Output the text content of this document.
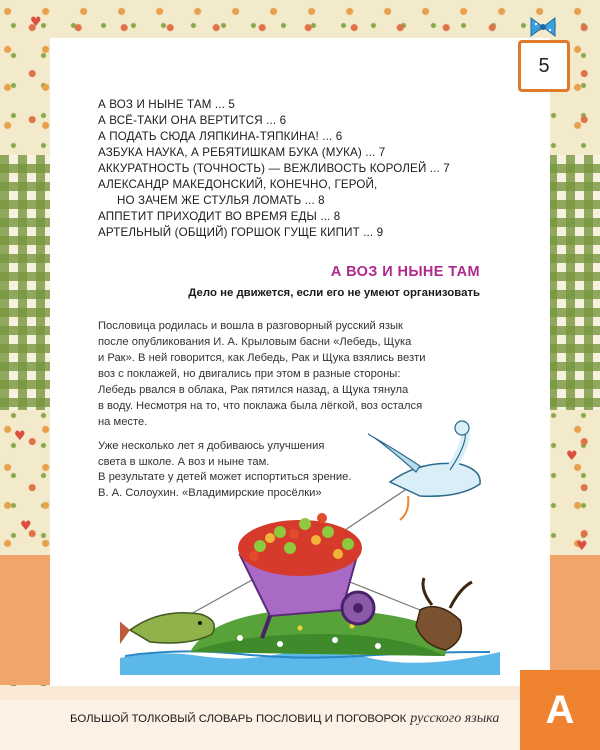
♥
♥
♥
♥
♥
5
А ВОЗ И НЫНЕ ТАМ ... 5
А ВСЁ-ТАКИ ОНА ВЕРТИТСЯ ... 6
А ПОДАТЬ СЮДА ЛЯПКИНА-ТЯПКИНА! ... 6
АЗБУКА НАУКА, А РЕБЯТИШКАМ БУКА (МУКА) ... 7
АККУРАТНОСТЬ (ТОЧНОСТЬ) — ВЕЖЛИВОСТЬ КОРОЛЕЙ ... 7
АЛЕКСАНДР МАКЕДОНСКИЙ, КОНЕЧНО, ГЕРОЙ,
НО ЗАЧЕМ ЖЕ СТУЛЬЯ ЛОМАТЬ ... 8
АППЕТИТ ПРИХОДИТ ВО ВРЕМЯ ЕДЫ ... 8
АРТЕЛЬНЫЙ (ОБЩИЙ) ГОРШОК ГУЩЕ КИПИТ ... 9
А ВОЗ И НЫНЕ ТАМ
Дело не движется, если его не умеют организовать
Пословица родилась и вошла в разговорный русский язык
после опубликования И. А. Крыловым басни «Лебедь, Щука
и Рак». В ней говорится, как Лебедь, Рак и Щука взялись везти
воз с поклажей, но двигались при этом в разные стороны:
Лебедь рвался в облака, Рак пятился назад, а Щука тянула
в воду. Несмотря на то, что поклажа была лёгкой, воз остался
на месте.
Уже несколько лет я добиваюсь улучшения
света в школе. А воз и ныне там.
В результате у детей может испортиться зрение.
В. А. Солоухин. «Владимирские просёлки»
БОЛЬШОЙ ТОЛКОВЫЙ СЛОВАРЬ ПОСЛОВИЦ И ПОГОВОРОК русского языка	А
